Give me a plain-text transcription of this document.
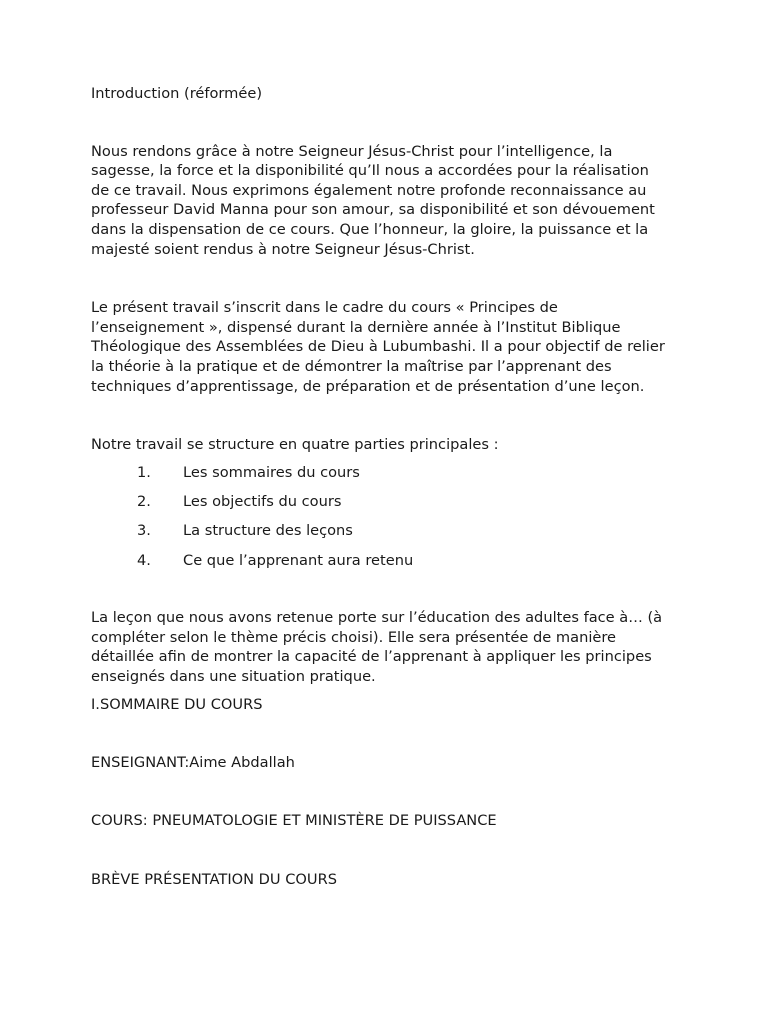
Introduction (réformée)

Nous rendons grâce à notre Seigneur Jésus-Christ pour l’intelligence, la sagesse, la force et la disponibilité qu’Il nous a accordées pour la réalisation de ce travail. Nous exprimons également notre profonde reconnaissance au professeur David Manna pour son amour, sa disponibilité et son dévouement dans la dispensation de ce cours. Que l’honneur, la gloire, la puissance et la majesté soient rendus à notre Seigneur Jésus-Christ.

Le présent travail s’inscrit dans le cadre du cours « Principes de l’enseignement », dispensé durant la dernière année à l’Institut Biblique Théologique des Assemblées de Dieu à Lubumbashi. Il a pour objectif de relier la théorie à la pratique et de démontrer la maîtrise par l’apprenant des techniques d’apprentissage, de préparation et de présentation d’une leçon.

Notre travail se structure en quatre parties principales :

1.	Les sommaires du cours
2.	Les objectifs du cours
3.	La structure des leçons
4.	Ce que l’apprenant aura retenu

La leçon que nous avons retenue porte sur l’éducation des adultes face à… (à compléter selon le thème précis choisi). Elle sera présentée de manière détaillée afin de montrer la capacité de l’apprenant à appliquer les principes enseignés dans une situation pratique.

I.SOMMAIRE DU COURS

ENSEIGNANT:Aime Abdallah

COURS: PNEUMATOLOGIE ET MINISTÈRE DE PUISSANCE

BRÈVE PRÉSENTATION DU COURS
